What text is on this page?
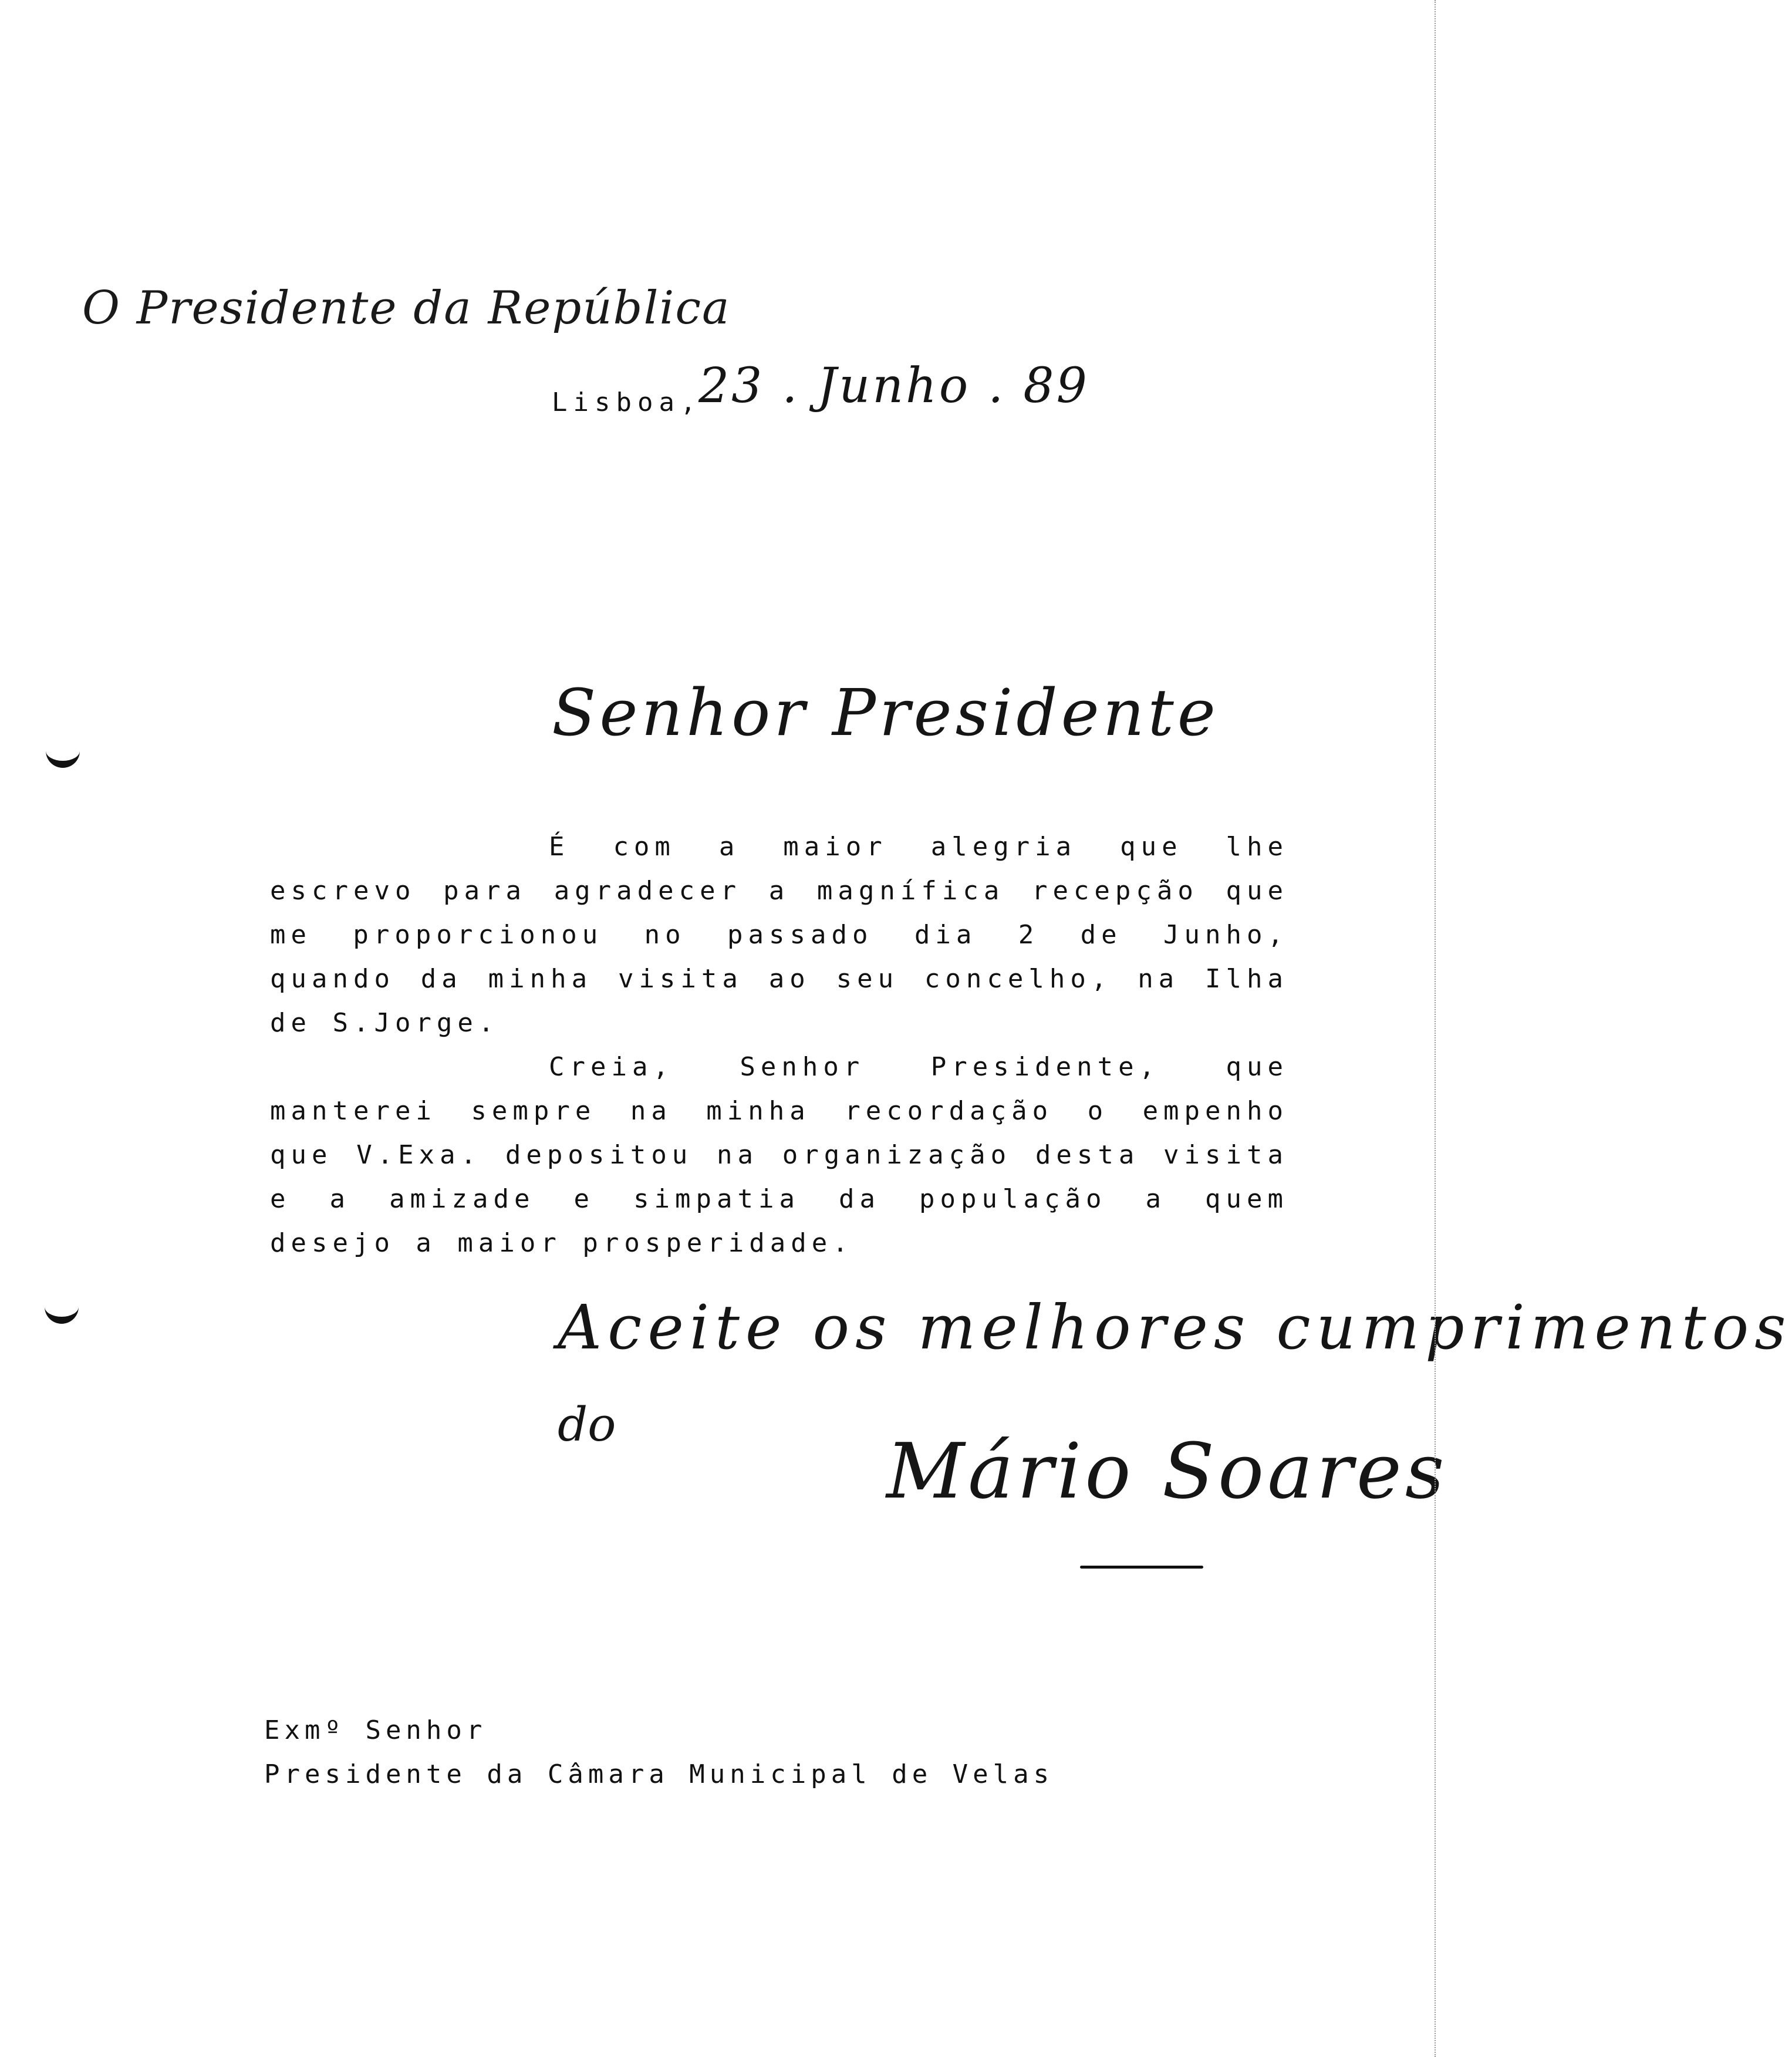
O Presidente da República
Lisboa,
23 . Junho . 89
Senhor Presidente
É com a maior alegria que lhe escrevo para agradecer a magnífica recepção que me proporcionou no passado dia 2 de Junho, quando da minha visita ao seu concelho, na Ilha de S.Jorge.
Creia, Senhor Presidente, que manterei sempre na minha recordação o empenho que V.Exa. depositou na organização desta visita e a amizade e simpatia da população a quem desejo a maior prosperidade.
Aceite os melhores cumprimentos
do
Mário Soares
Exmº Senhor
Presidente da Câmara Municipal de Velas
